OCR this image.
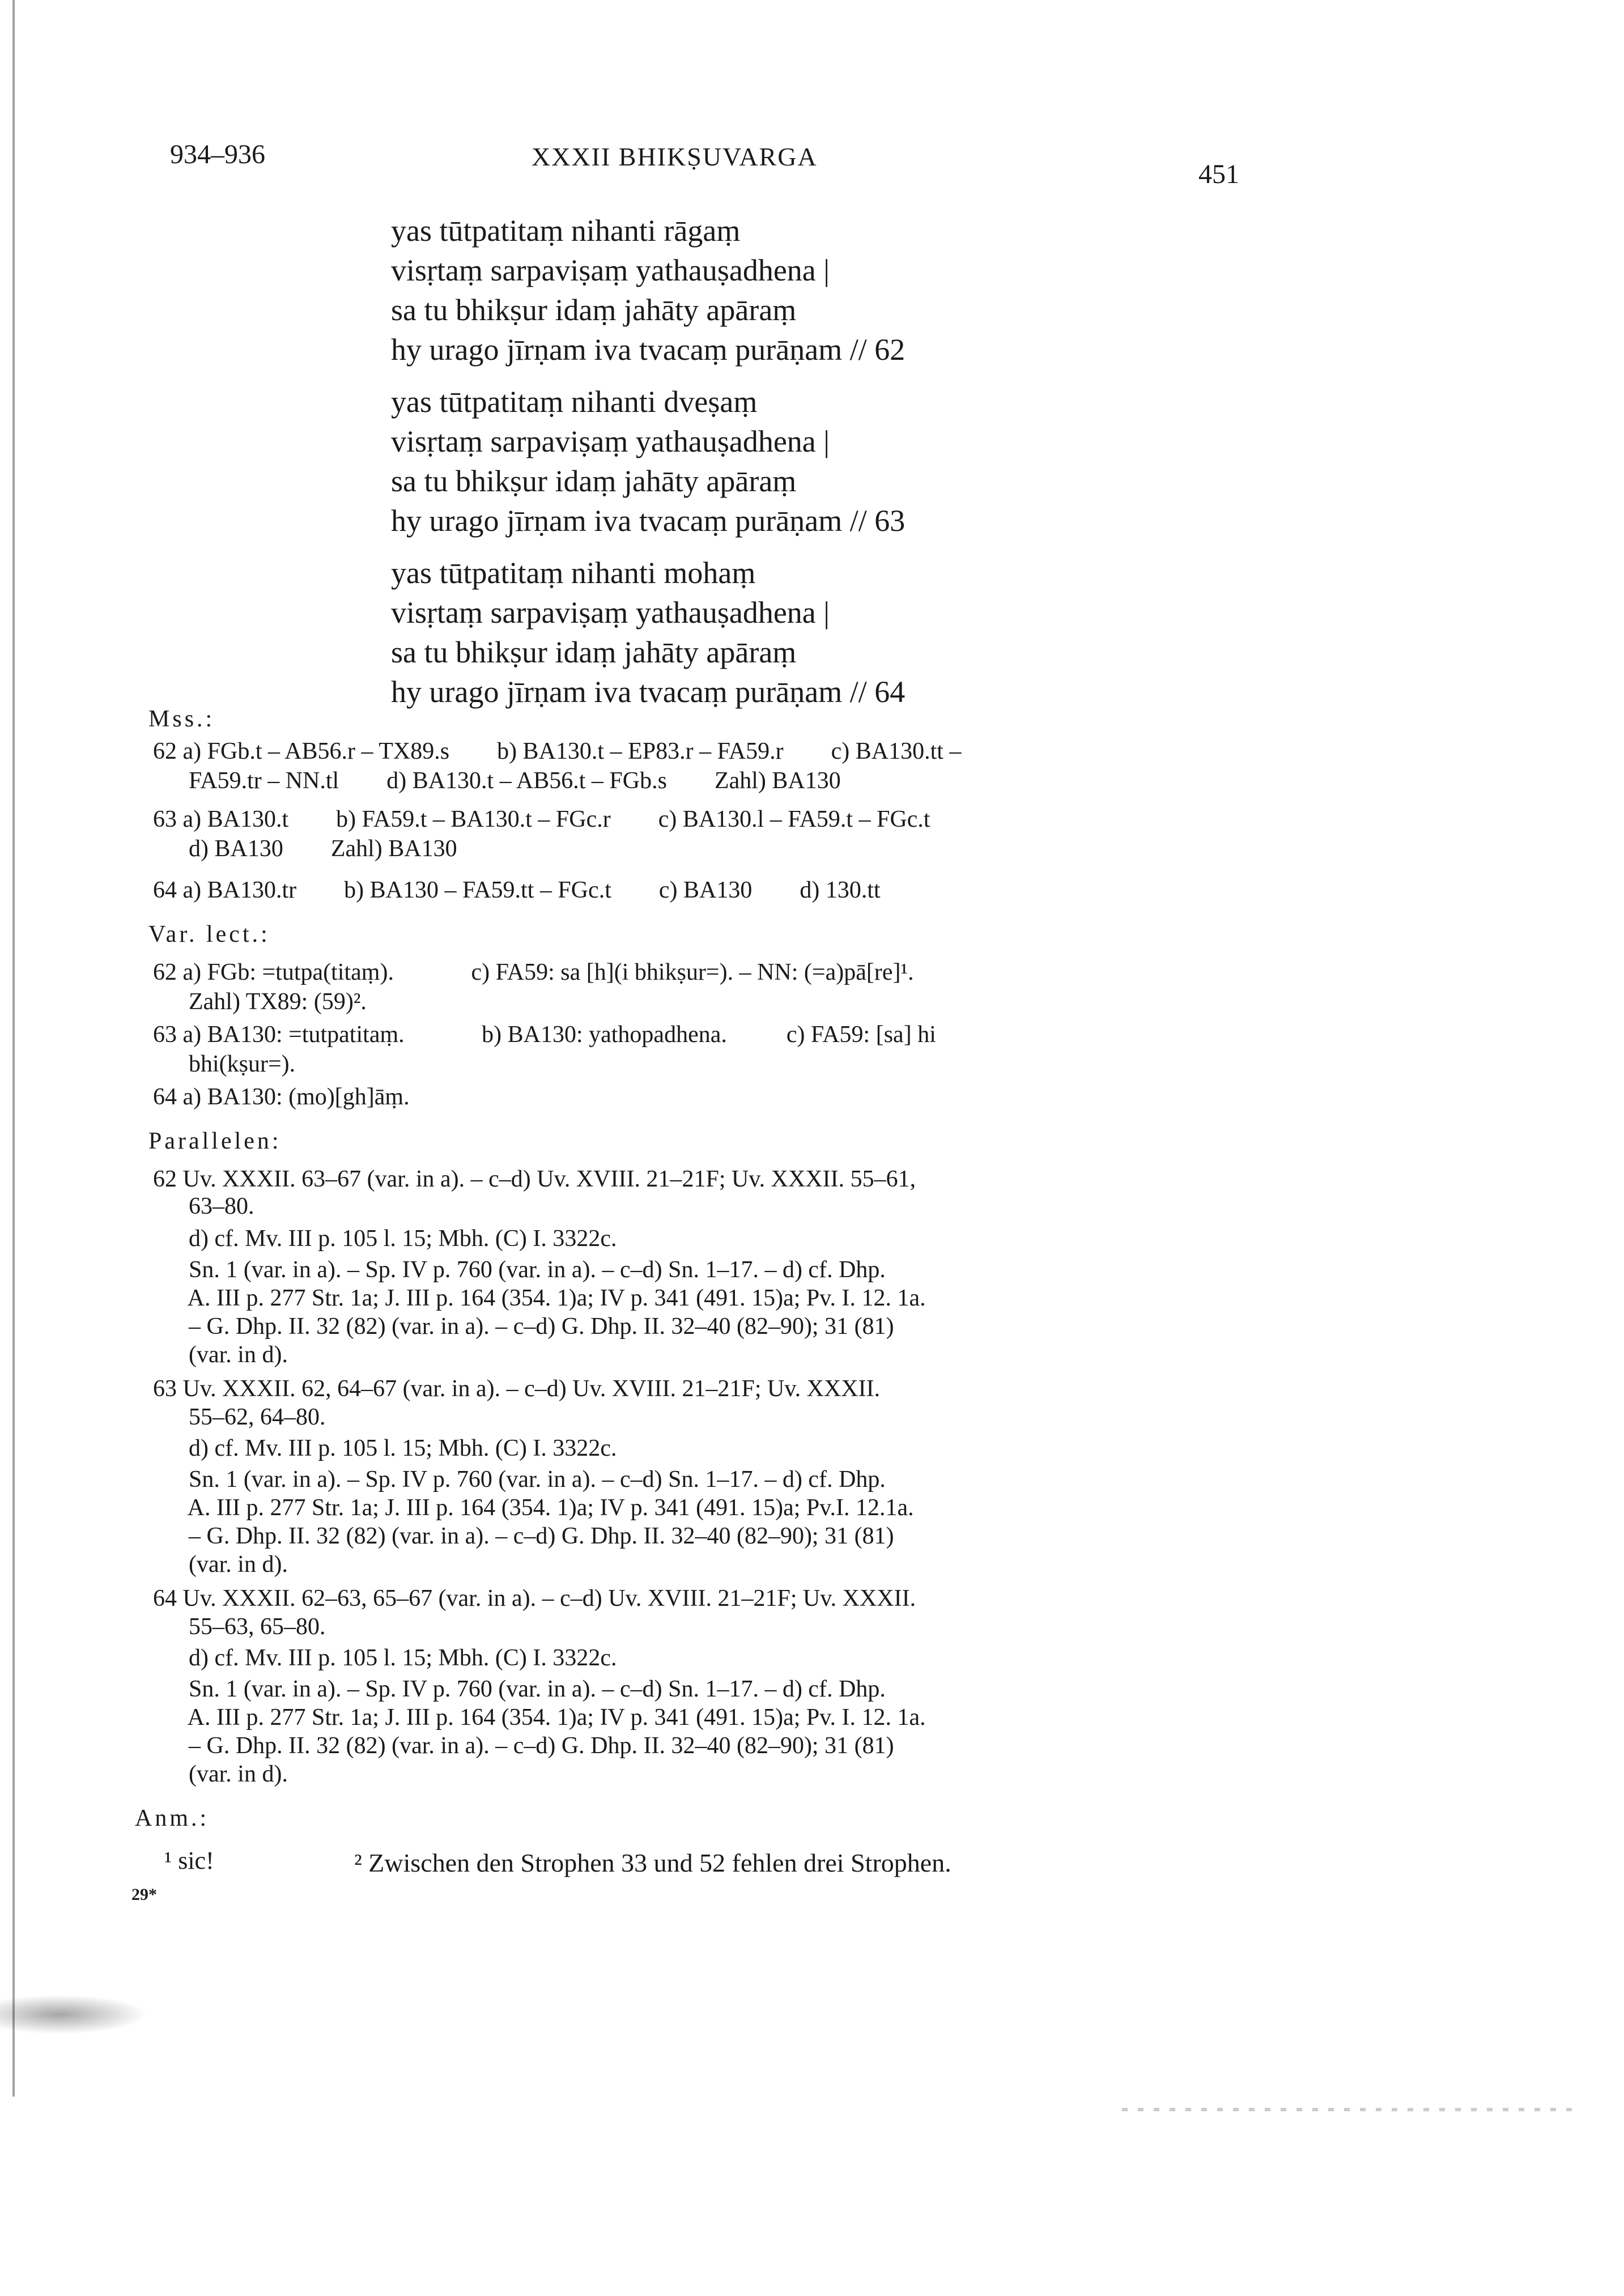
934–936	XXXII BHIKṢUVARGA
451
yas tūtpatitaṃ nihanti rāgaṃ
visṛtaṃ sarpaviṣaṃ yathauṣadhena |
sa tu bhikṣur idaṃ jahāty apāraṃ
hy urago jīrṇam iva tvacaṃ purāṇam // 62
yas tūtpatitaṃ nihanti dveṣaṃ
visṛtaṃ sarpaviṣaṃ yathauṣadhena |
sa tu bhikṣur idaṃ jahāty apāraṃ
hy urago jīrṇam iva tvacaṃ purāṇam // 63
yas tūtpatitaṃ nihanti mohaṃ
visṛtaṃ sarpaviṣaṃ yathauṣadhena |
sa tu bhikṣur idaṃ jahāty apāraṃ
hy urago jīrṇam iva tvacaṃ purāṇam // 64
Mss.:
62 a) FGb.t – AB56.r – TX89.s        b) BA130.t – EP83.r – FA59.r        c) BA130.tt –
FA59.tr – NN.tl        d) BA130.t – AB56.t – FGb.s        Zahl) BA130
63 a) BA130.t        b) FA59.t – BA130.t – FGc.r        c) BA130.l – FA59.t – FGc.t
d) BA130        Zahl) BA130
64 a) BA130.tr        b) BA130 – FA59.tt – FGc.t        c) BA130        d) 130.tt
Var. lect.:
62 a) FGb: =tutpa(titaṃ).             c) FA59: sa [h](i bhikṣur=). – NN: (=a)pā[re]¹.
Zahl) TX89: (59)².
63 a) BA130: =tutpatitaṃ.             b) BA130: yathopadhena.          c) FA59: [sa] hi
bhi(kṣur=).
64 a) BA130: (mo)[gh]āṃ.
Parallelen:
62 Uv. XXXII. 63–67 (var. in a). – c–d) Uv. XVIII. 21–21F; Uv. XXXII. 55–61,
63–80.
d) cf. Mv. III p. 105 l. 15; Mbh. (C) I. 3322c.
Sn. 1 (var. in a). – Sp. IV p. 760 (var. in a). – c–d) Sn. 1–17. – d) cf. Dhp.
A. III p. 277 Str. 1a; J. III p. 164 (354. 1)a; IV p. 341 (491. 15)a; Pv. I. 12. 1a.
– G. Dhp. II. 32 (82) (var. in a). – c–d) G. Dhp. II. 32–40 (82–90); 31 (81)
(var. in d).
63 Uv. XXXII. 62, 64–67 (var. in a). – c–d) Uv. XVIII. 21–21F; Uv. XXXII.
55–62, 64–80.
d) cf. Mv. III p. 105 l. 15; Mbh. (C) I. 3322c.
Sn. 1 (var. in a). – Sp. IV p. 760 (var. in a). – c–d) Sn. 1–17. – d) cf. Dhp.
A. III p. 277 Str. 1a; J. III p. 164 (354. 1)a; IV p. 341 (491. 15)a; Pv.I. 12.1a.
– G. Dhp. II. 32 (82) (var. in a). – c–d) G. Dhp. II. 32–40 (82–90); 31 (81)
(var. in d).
64 Uv. XXXII. 62–63, 65–67 (var. in a). – c–d) Uv. XVIII. 21–21F; Uv. XXXII.
55–63, 65–80.
d) cf. Mv. III p. 105 l. 15; Mbh. (C) I. 3322c.
Sn. 1 (var. in a). – Sp. IV p. 760 (var. in a). – c–d) Sn. 1–17. – d) cf. Dhp.
A. III p. 277 Str. 1a; J. III p. 164 (354. 1)a; IV p. 341 (491. 15)a; Pv. I. 12. 1a.
– G. Dhp. II. 32 (82) (var. in a). – c–d) G. Dhp. II. 32–40 (82–90); 31 (81)
(var. in d).
Anm.:
¹ sic!	² Zwischen den Strophen 33 und 52 fehlen drei Strophen.
29*
